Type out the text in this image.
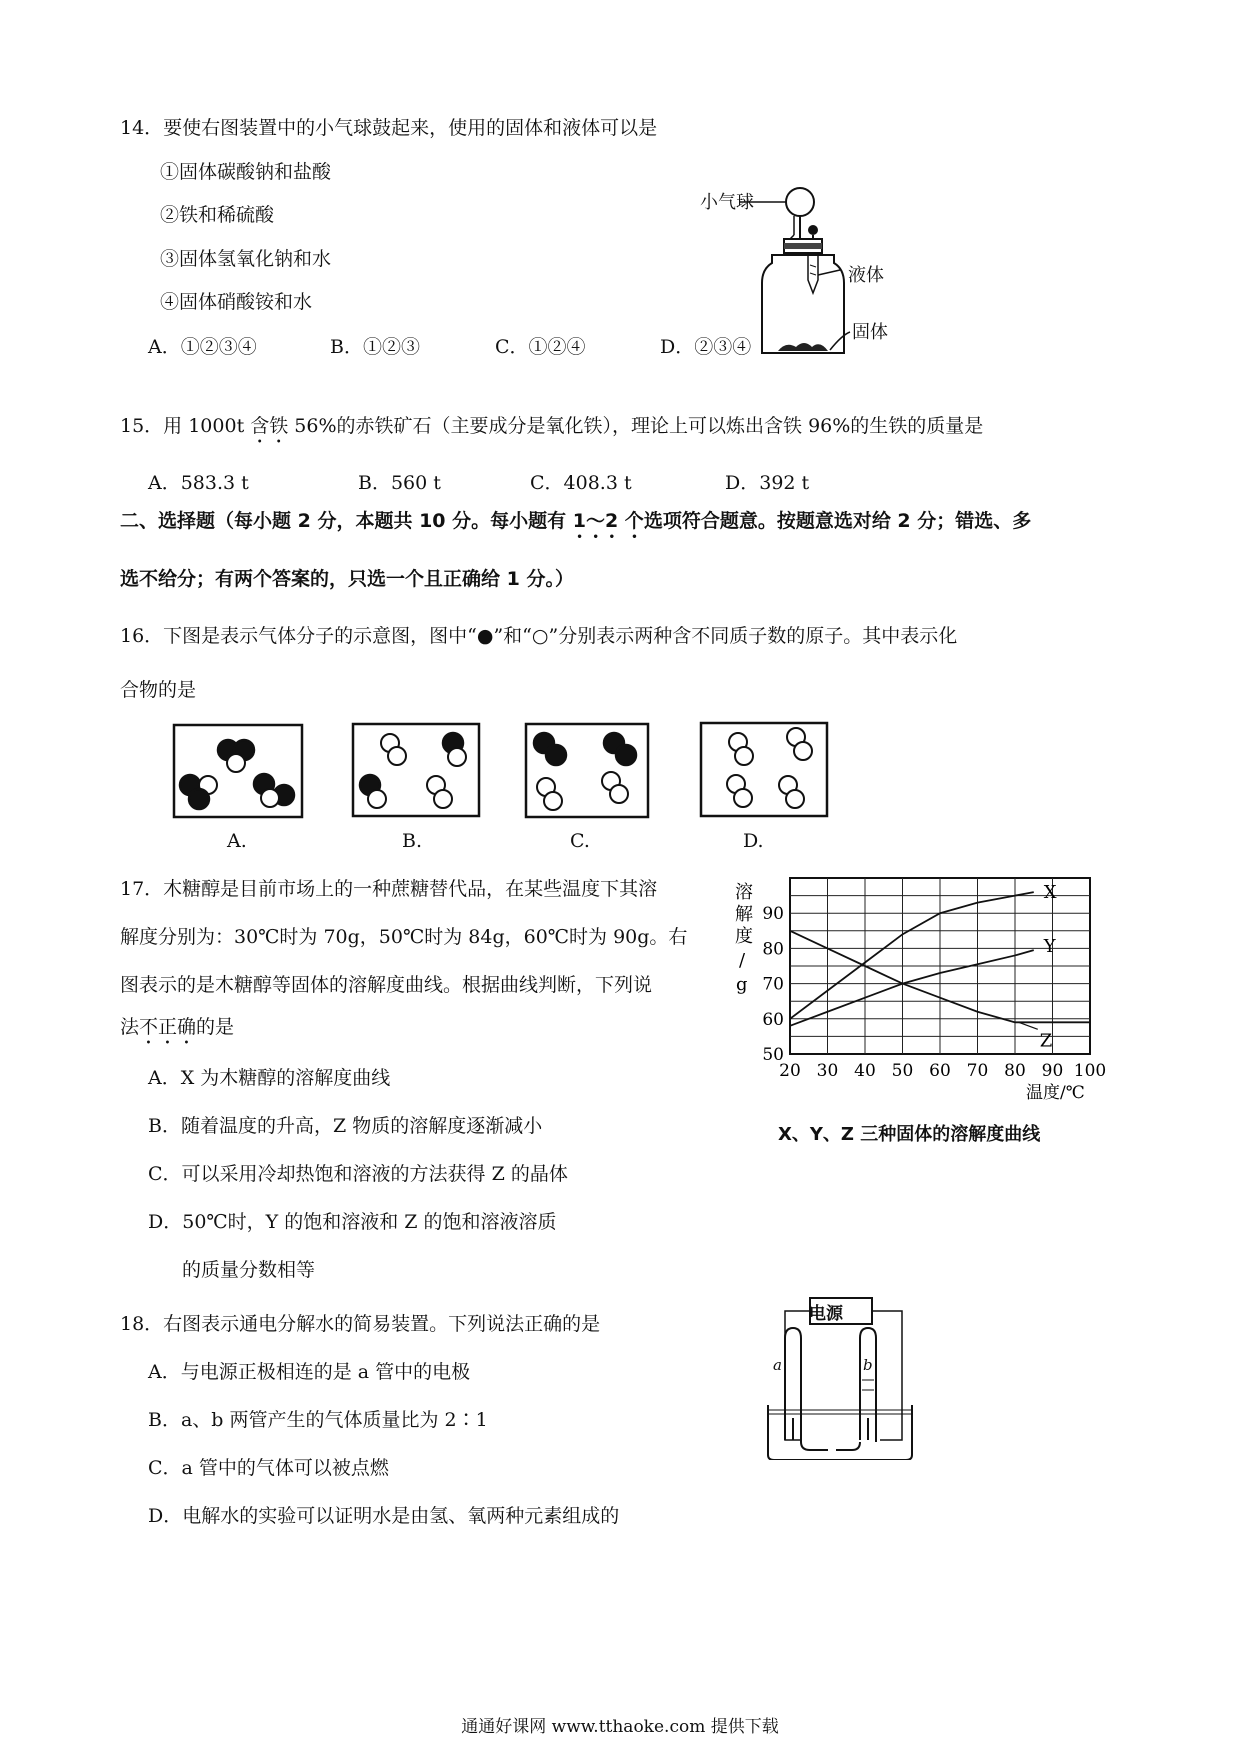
14．要使右图装置中的小气球鼓起来，使用的固体和液体可以是
①固体碳酸钠和盐酸
②铁和稀硫酸
③固体氢氧化钠和水
④固体硝酸铵和水
A．①②③④	B．①②③	C．①②④	D．②③④
小气球
液体
固体
15．用 1000t 含铁 56%的赤铁矿石（主要成分是氧化铁），理论上可以炼出含铁 96%的生铁的质量是
A．583.3 t	B．560 t	C．408.3 t	D．392 t
二、选择题（每小题 2 分，本题共 10 分。每小题有 1～2 个选项符合题意。按题意选对给 2 分；错选、多
选不给分；有两个答案的，只选一个且正确给 1 分。）
16．下图是表示气体分子的示意图，图中“●”和“○”分别表示两种含不同质子数的原子。其中表示化
合物的是
A.	B.	C.	D.
17．木糖醇是目前市场上的一种蔗糖替代品，在某些温度下其溶
解度分别为：30℃时为 70g，50℃时为 84g，60℃时为 90g。右
图表示的是木糖醇等固体的溶解度曲线。根据曲线判断，下列说
法不正确的是
A．X 为木糖醇的溶解度曲线
B．随着温度的升高，Z 物质的溶解度逐渐减小
C．可以采用冷却热饱和溶液的方法获得 Z 的晶体
D．50℃时，Y 的饱和溶液和 Z 的饱和溶液溶质
的质量分数相等
20 30 40 50 60 70 80 90 100
50
60
70
80
90
X
Y
Z
溶
解
度
/
g
温度/℃
X、Y、Z 三种固体的溶解度曲线
18．右图表示通电分解水的简易装置。下列说法正确的是
A．与电源正极相连的是 a 管中的电极
B．a、b 两管产生的气体质量比为 2∶1
C．a 管中的气体可以被点燃
D．电解水的实验可以证明水是由氢、氧两种元素组成的
电源
a	b
通通好课网 www.tthaoke.com 提供下载
